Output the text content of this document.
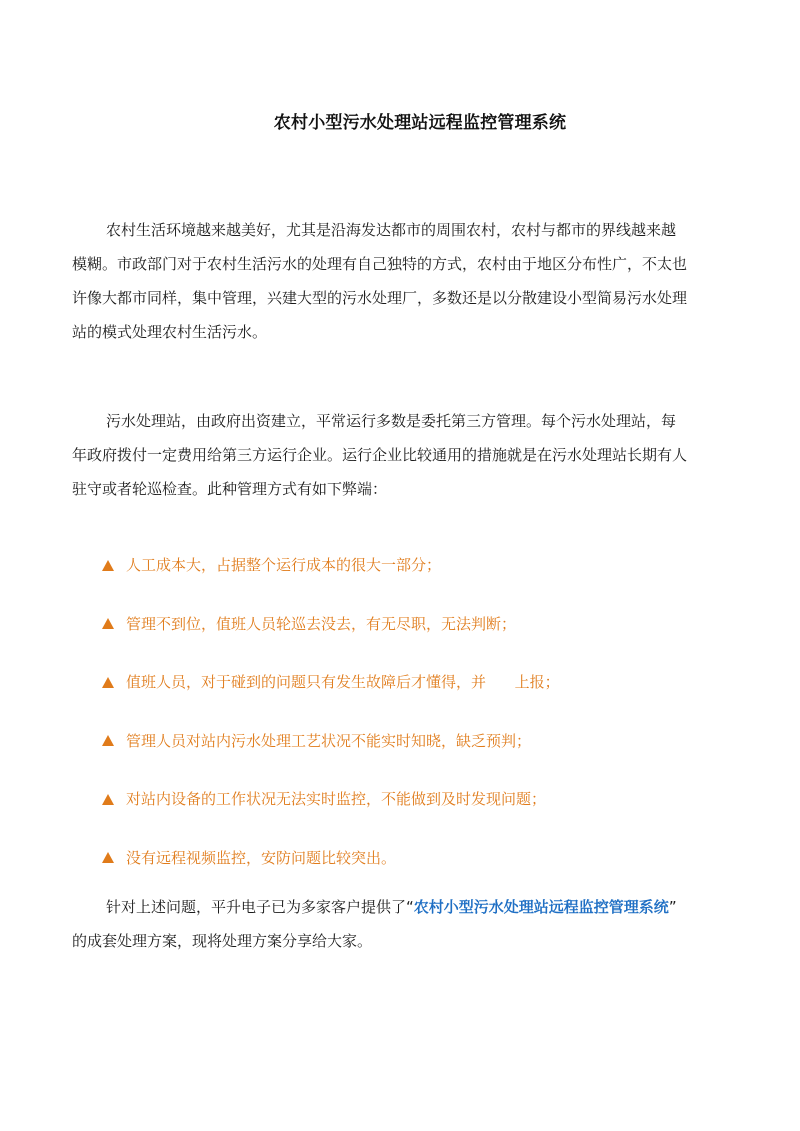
农村小型污水处理站远程监控管理系统

农村生活环境越来越美好，尤其是沿海发达都市的周围农村，农村与都市的界线越来越
模糊。市政部门对于农村生活污水的处理有自己独特的方式，农村由于地区分布性广，不太也
许像大都市同样，集中管理，兴建大型的污水处理厂，多数还是以分散建设小型简易污水处理
站的模式处理农村生活污水。

污水处理站，由政府出资建立，平常运行多数是委托第三方管理。每个污水处理站，每
年政府拨付一定费用给第三方运行企业。运行企业比较通用的措施就是在污水处理站长期有人
驻守或者轮巡检查。此种管理方式有如下弊端：

人工成本大，占据整个运行成本的很大一部分；
管理不到位，值班人员轮巡去没去，有无尽职，无法判断；
值班人员，对于碰到的问题只有发生故障后才懂得，并      上报；
管理人员对站内污水处理工艺状况不能实时知晓，缺乏预判；
对站内设备的工作状况无法实时监控，不能做到及时发现问题；
没有远程视频监控，安防问题比较突出。

针对上述问题，平升电子已为多家客户提供了“农村小型污水处理站远程监控管理系统”
的成套处理方案，现将处理方案分享给大家。
